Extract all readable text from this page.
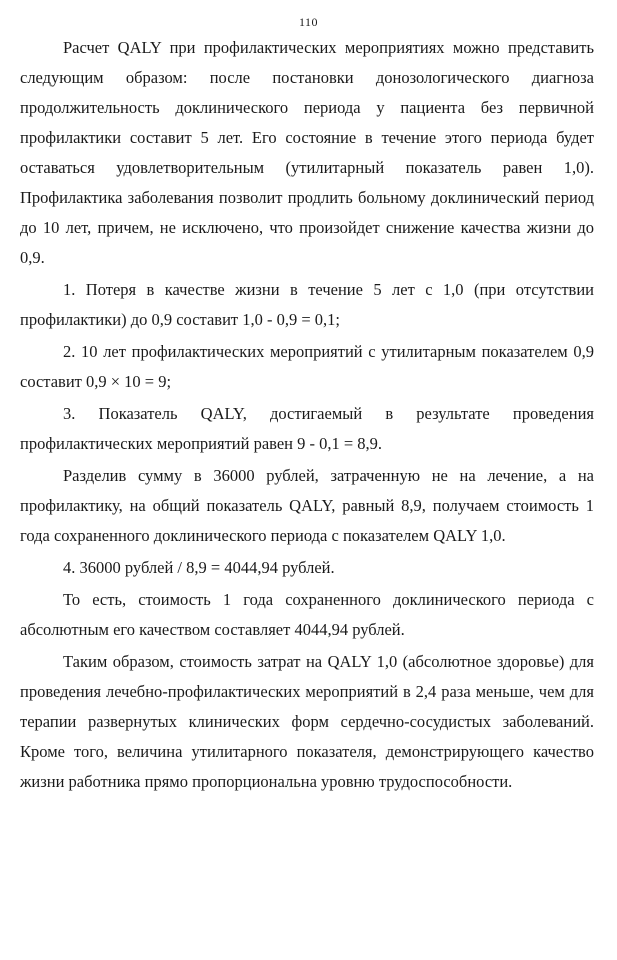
110

Расчет QALY при профилактических мероприятиях можно представить следующим образом: после постановки донозологического диагноза продолжительность доклинического периода у пациента без первичной профилактики составит 5 лет. Его состояние в течение этого периода будет оставаться удовлетворительным (утилитарный показатель равен 1,0). Профилактика заболевания позволит продлить больному доклинический период до 10 лет, причем, не исключено, что произойдет снижение качества жизни до 0,9.

1. Потеря в качестве жизни в течение 5 лет с 1,0 (при отсутствии профилактики) до 0,9 составит 1,0 - 0,9 = 0,1;

2. 10 лет профилактических мероприятий с утилитарным показателем 0,9 составит 0,9 × 10 = 9;

3. Показатель QALY, достигаемый в результате проведения профилактических мероприятий равен 9 - 0,1 = 8,9.

Разделив сумму в 36000 рублей, затраченную не на лечение, а на профилактику, на общий показатель QALY, равный 8,9, получаем стоимость 1 года сохраненного доклинического периода с показателем QALY 1,0.

4. 36000 рублей / 8,9 = 4044,94 рублей.

То есть, стоимость 1 года сохраненного доклинического периода с абсолютным его качеством составляет 4044,94 рублей.

Таким образом, стоимость затрат на QALY 1,0 (абсолютное здоровье) для проведения лечебно-профилактических мероприятий в 2,4 раза меньше, чем для терапии развернутых клинических форм сердечно-сосудистых заболеваний. Кроме того, величина утилитарного показателя, демонстрирующего качество жизни работника прямо пропорциональна уровню трудоспособности.
